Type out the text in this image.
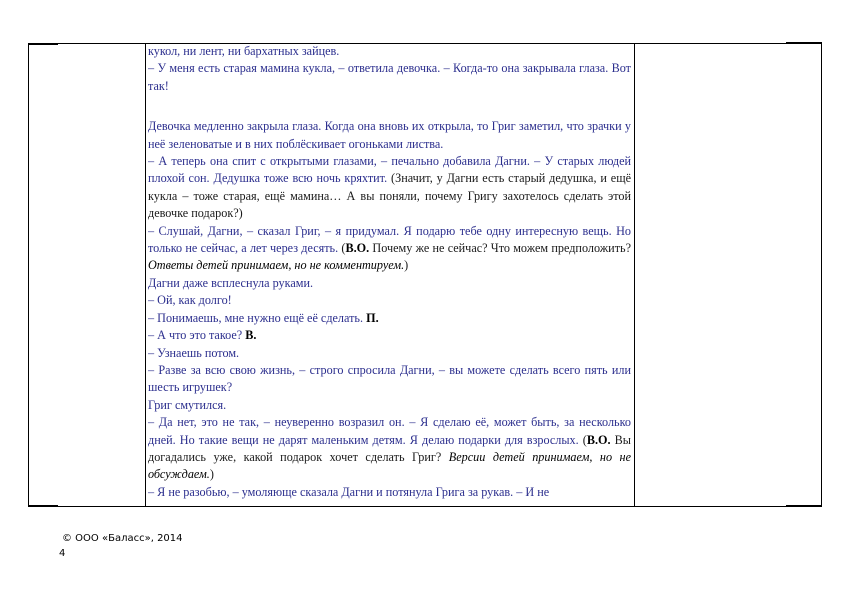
кукол, ни лент, ни бархатных зайцев.

– У меня есть старая мамина кукла, – ответила девочка. – Когда-то она закрывала глаза. Вот так!

Девочка медленно закрыла глаза. Когда она вновь их открыла, то Григ заметил, что зрачки у неё зеленоватые и в них поблёскивает огоньками листва.

– А теперь она спит с открытыми глазами, – печально добавила Дагни. – У старых людей плохой сон. Дедушка тоже всю ночь кряхтит. (Значит, у Дагни есть старый дедушка, и ещё кукла – тоже старая, ещё мамина… А вы поняли, почему Григу захотелось сделать этой девочке подарок?)

– Слушай, Дагни, – сказал Григ, – я придумал. Я подарю тебе одну интересную вещь. Но только не сейчас, а лет через десять. (В.О. Почему же не сейчас? Что можем предположить? Ответы детей принимаем, но не комментируем.)

Дагни даже всплеснула руками.

– Ой, как долго!

– Понимаешь, мне нужно ещё её сделать. П.

– А что это такое? В.

– Узнаешь потом.

– Разве за всю свою жизнь, – строго спросила Дагни, – вы можете сделать всего пять или шесть игрушек?

Григ смутился.

– Да нет, это не так, – неуверенно возразил он. – Я сделаю её, может быть, за несколько дней. Но такие вещи не дарят маленьким детям. Я делаю подарки для взрослых. (В.О. Вы догадались уже, какой подарок хочет сделать Григ? Версии детей принимаем, но не обсуждаем.)

– Я не разобью, – умоляюще сказала Дагни и потянула Грига за рукав. – И не

© ООО «Баласс», 2014
4
